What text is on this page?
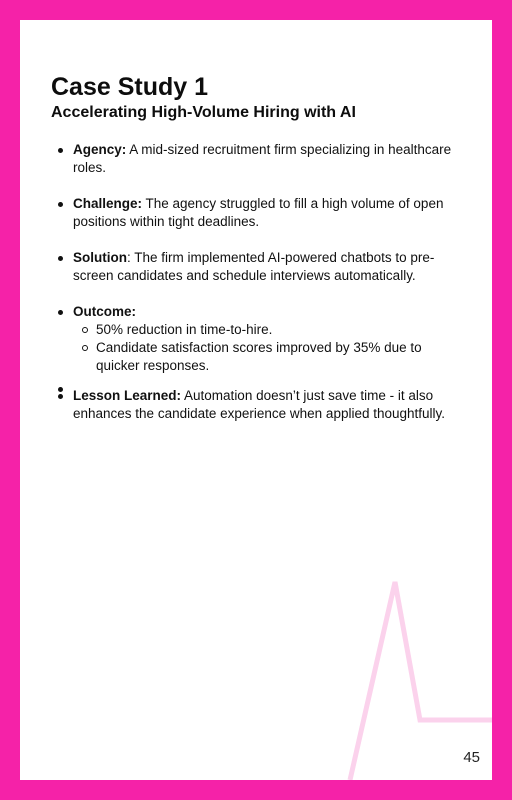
Case Study 1
Accelerating High-Volume Hiring with AI
Agency: A mid-sized recruitment firm specializing in healthcare roles.
Challenge: The agency struggled to fill a high volume of open positions within tight deadlines.
Solution: The firm implemented AI-powered chatbots to pre-screen candidates and schedule interviews automatically.
Outcome:
50% reduction in time-to-hire.
Candidate satisfaction scores improved by 35% due to quicker responses.
Lesson Learned: Automation doesn’t just save time - it also enhances the candidate experience when applied thoughtfully.
45
